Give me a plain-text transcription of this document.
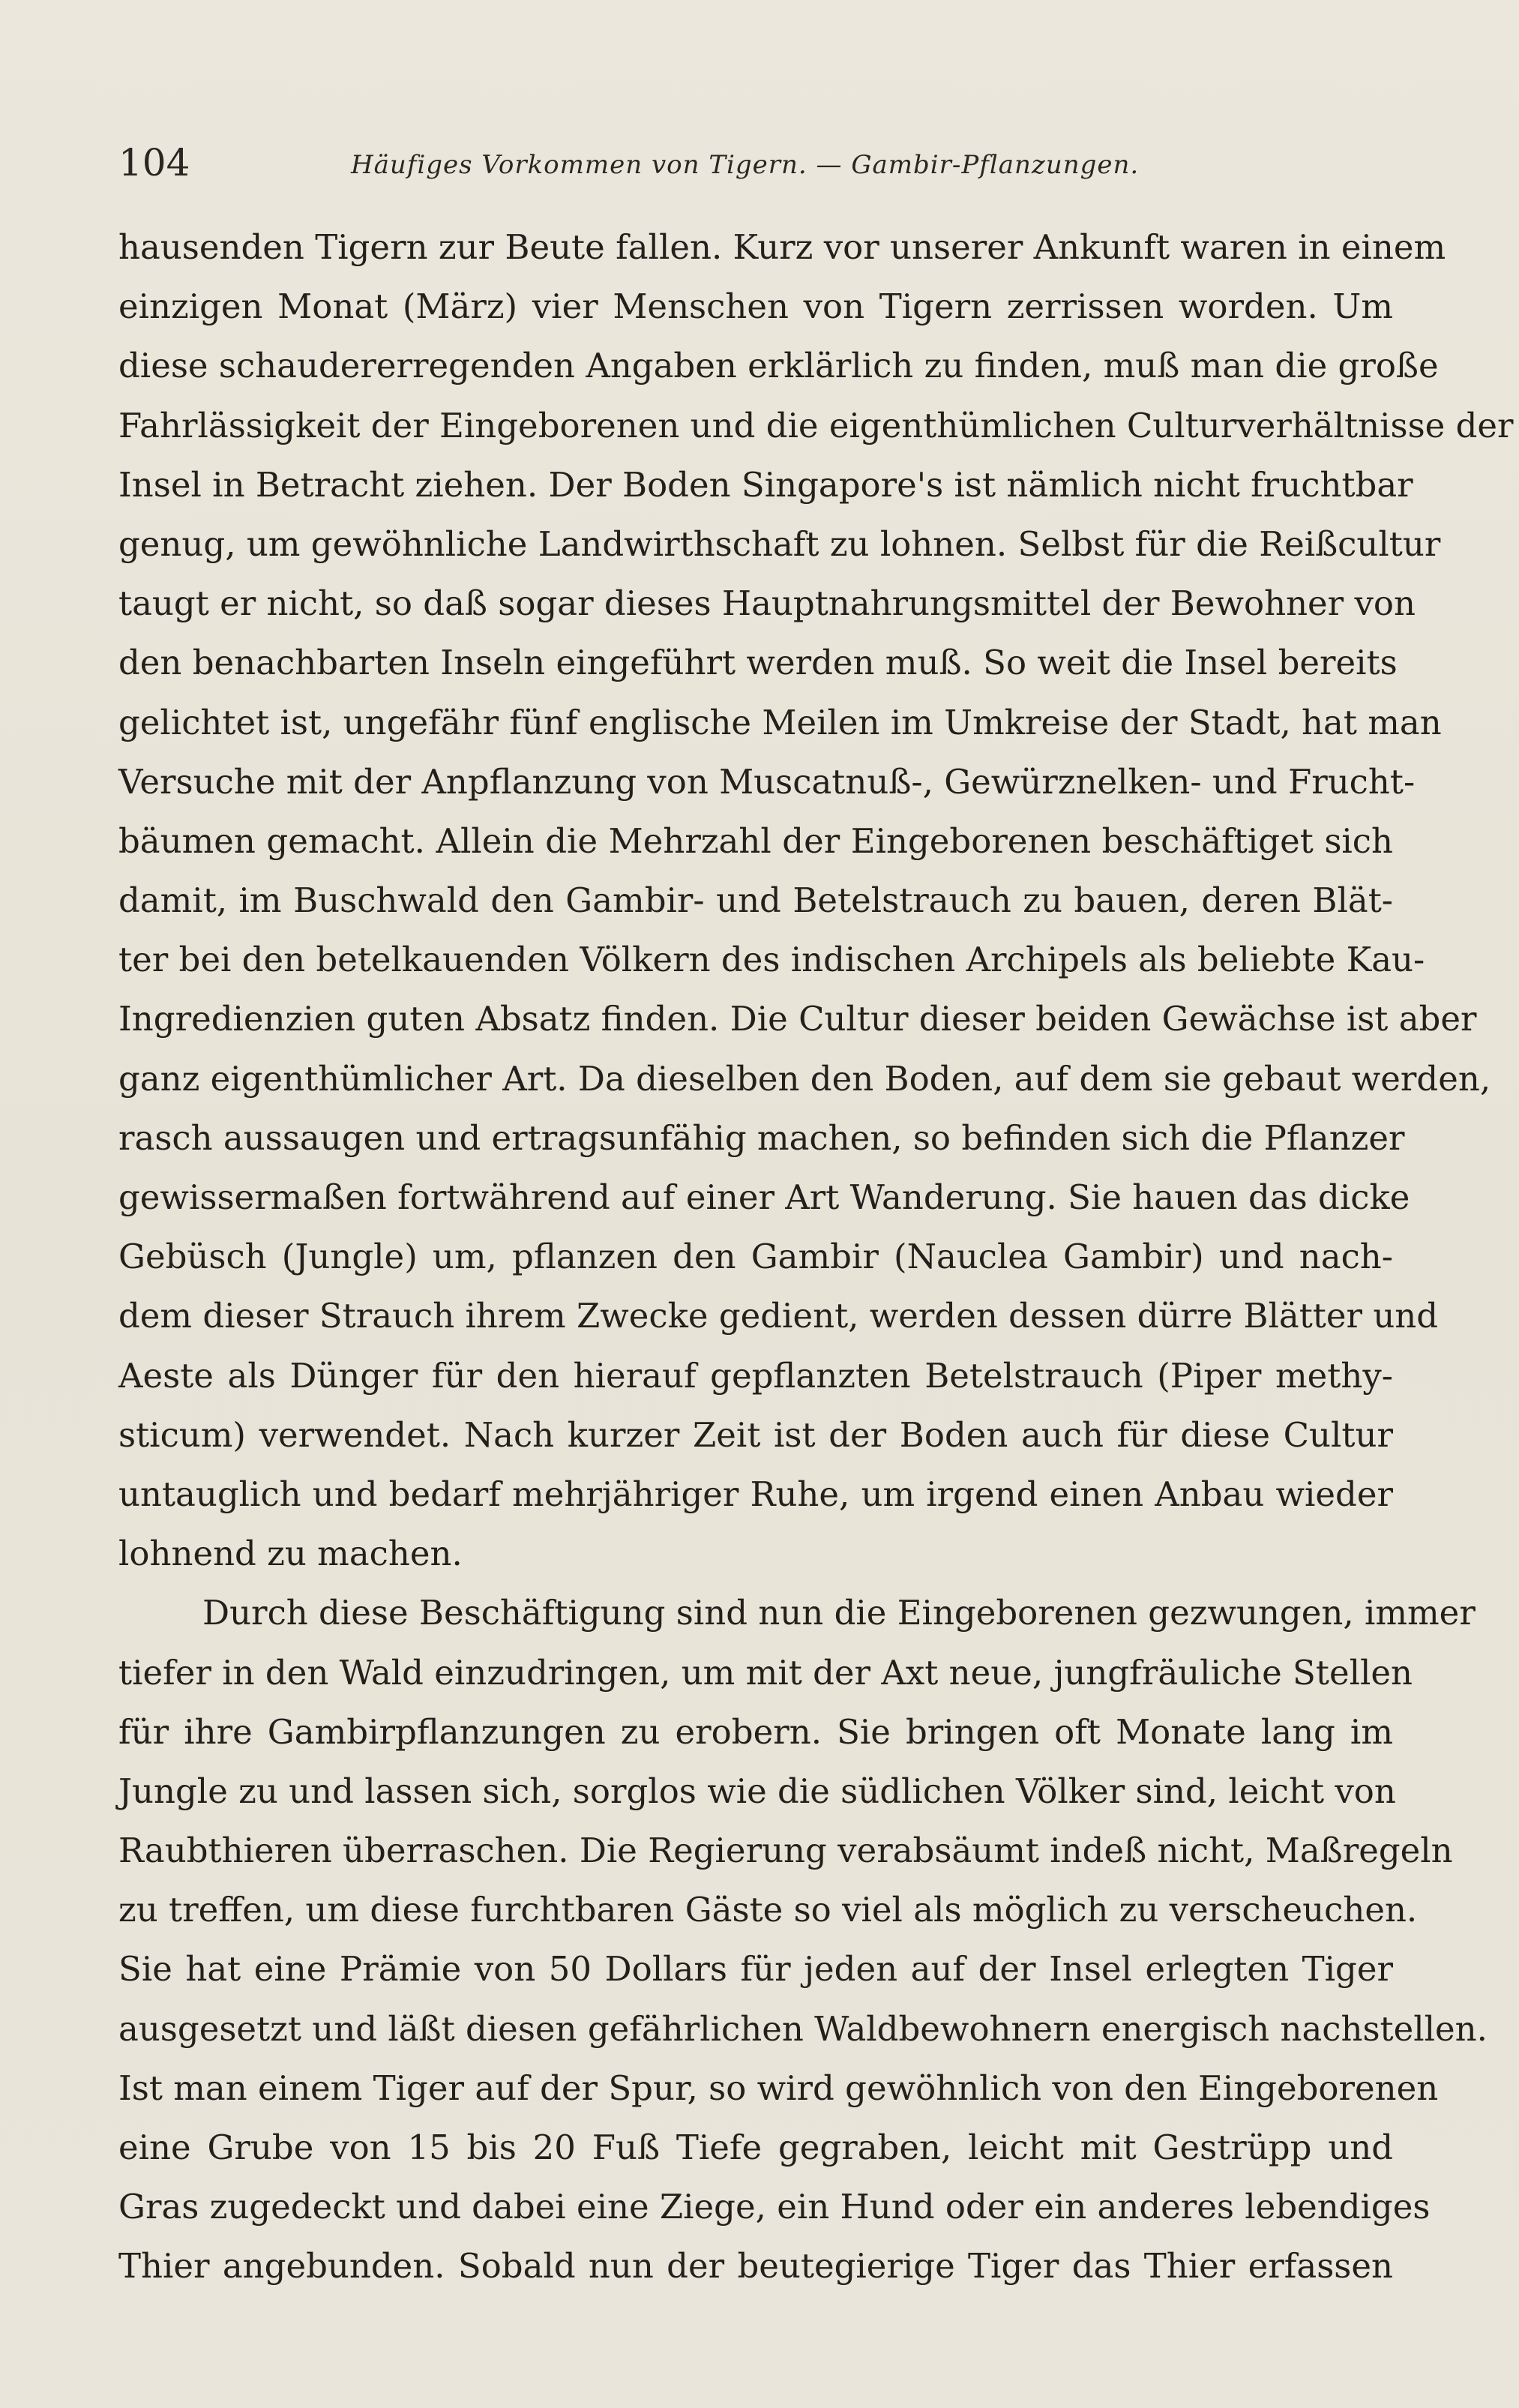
104	Häufiges Vorkommen von Tigern. — Gambir-Pflanzungen.

hausenden Tigern zur Beute fallen. Kurz vor unserer Ankunft waren in einem
einzigen Monat (März) vier Menschen von Tigern zerrissen worden. Um
diese schaudererregenden Angaben erklärlich zu finden, muß man die große
Fahrlässigkeit der Eingeborenen und die eigenthümlichen Culturverhältnisse der
Insel in Betracht ziehen. Der Boden Singapore's ist nämlich nicht fruchtbar
genug, um gewöhnliche Landwirthschaft zu lohnen. Selbst für die Reißcultur
taugt er nicht, so daß sogar dieses Hauptnahrungsmittel der Bewohner von
den benachbarten Inseln eingeführt werden muß. So weit die Insel bereits
gelichtet ist, ungefähr fünf englische Meilen im Umkreise der Stadt, hat man
Versuche mit der Anpflanzung von Muscatnuß-, Gewürznelken- und Frucht-
bäumen gemacht. Allein die Mehrzahl der Eingeborenen beschäftiget sich
damit, im Buschwald den Gambir- und Betelstrauch zu bauen, deren Blät-
ter bei den betelkauenden Völkern des indischen Archipels als beliebte Kau-
Ingredienzien guten Absatz finden. Die Cultur dieser beiden Gewächse ist aber
ganz eigenthümlicher Art. Da dieselben den Boden, auf dem sie gebaut werden,
rasch aussaugen und ertragsunfähig machen, so befinden sich die Pflanzer
gewissermaßen fortwährend auf einer Art Wanderung. Sie hauen das dicke
Gebüsch (Jungle) um, pflanzen den Gambir (Nauclea Gambir) und nach-
dem dieser Strauch ihrem Zwecke gedient, werden dessen dürre Blätter und
Aeste als Dünger für den hierauf gepflanzten Betelstrauch (Piper methy-
sticum) verwendet. Nach kurzer Zeit ist der Boden auch für diese Cultur
untauglich und bedarf mehrjähriger Ruhe, um irgend einen Anbau wieder
lohnend zu machen.

Durch diese Beschäftigung sind nun die Eingeborenen gezwungen, immer
tiefer in den Wald einzudringen, um mit der Axt neue, jungfräuliche Stellen
für ihre Gambirpflanzungen zu erobern. Sie bringen oft Monate lang im
Jungle zu und lassen sich, sorglos wie die südlichen Völker sind, leicht von
Raubthieren überraschen. Die Regierung verabsäumt indeß nicht, Maßregeln
zu treffen, um diese furchtbaren Gäste so viel als möglich zu verscheuchen.
Sie hat eine Prämie von 50 Dollars für jeden auf der Insel erlegten Tiger
ausgesetzt und läßt diesen gefährlichen Waldbewohnern energisch nachstellen.
Ist man einem Tiger auf der Spur, so wird gewöhnlich von den Eingeborenen
eine Grube von 15 bis 20 Fuß Tiefe gegraben, leicht mit Gestrüpp und
Gras zugedeckt und dabei eine Ziege, ein Hund oder ein anderes lebendiges
Thier angebunden. Sobald nun der beutegierige Tiger das Thier erfassen
